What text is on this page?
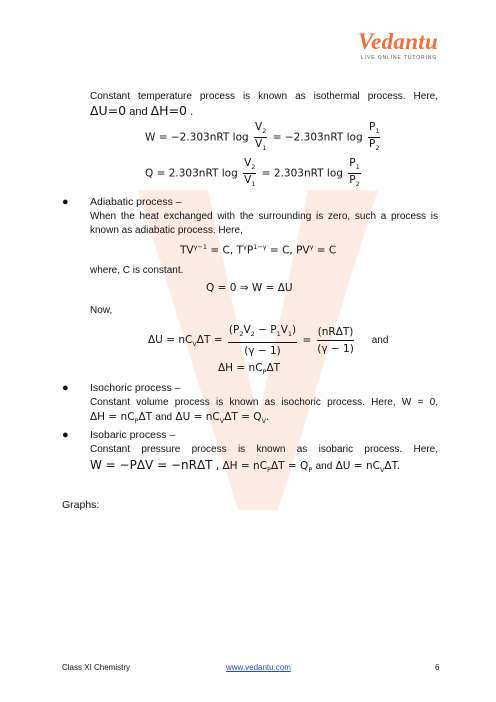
Vedantu
LIVE ONLINE TUTORING
Constant temperature process is known as isothermal process. Here,
ΔU=0 and ΔH=0 .
W = −2.303nRT $\log \frac{V_2}{V_1} = -2.303nRT$ $\log \frac{P_1}{P_2}$
Q = 2.303nRT $\log \frac{V_2}{V_1} = 2.303nRT$ $\log \frac{P_1}{P_2}$
● Adiabatic process –
When the heat exchanged with the surrounding is zero, such a process is
known as adiabatic process. Here,
$TV^{\gamma-1} = C$, $T^\gamma P^{1-\gamma} = C$, $PV^\gamma = C$
where, C is constant.
Q = 0 ⇒ W = ΔU
Now,
$\Delta U = nC_V\Delta T = \frac{(P_2V_2 - P_1V_1)}{(\gamma - 1)} = \frac{\text{(nRΔT)}}{(\gamma - 1)}$ and
$\Delta H = nC_P\Delta T$
● Isochoric process –
Constant volume process is known as isochoric process. Here, W = 0,
$\Delta H = nC_P\Delta T$ and $\Delta U = nC_V\Delta T = Q_V$.
● Isobaric process –
Constant pressure process is known as isobaric process. Here,
W = −PΔV = −nRΔT , $\Delta H = nC_P\Delta T = Q_P$ and $\Delta U = nC_V\Delta T$.
Graphs:
Class XI Chemistry	www.vedantu.com	6
